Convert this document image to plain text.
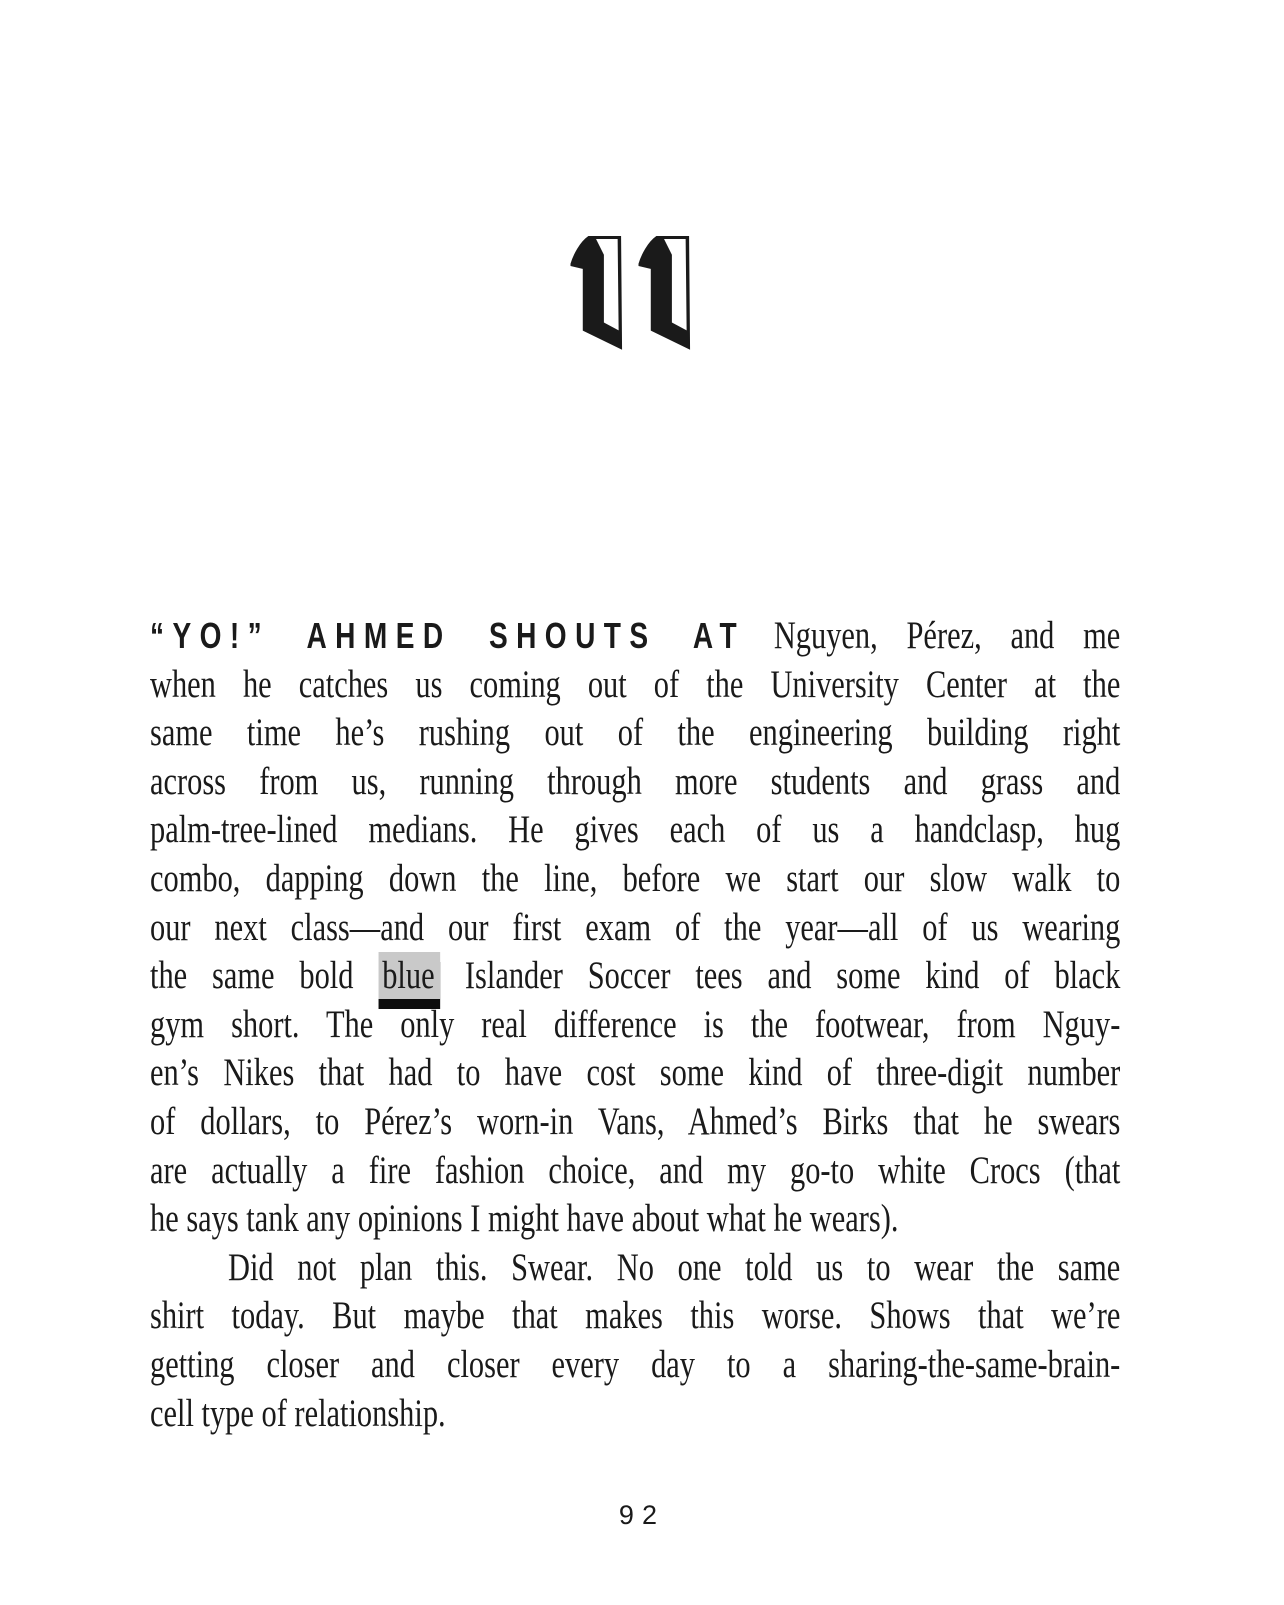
“YO!” AHMED SHOUTS AT Nguyen, Pérez, and me
when he catches us coming out of the University Center at the
same time he’s rushing out of the engineering building right
across from us, running through more students and grass and
palm-tree-lined medians. He gives each of us a handclasp, hug
combo, dapping down the line, before we start our slow walk to
our next class—and our first exam of the year—all of us wearing
the same bold blue Islander Soccer tees and some kind of black
gym short. The only real difference is the footwear, from Nguy-
en’s Nikes that had to have cost some kind of three-digit number
of dollars, to Pérez’s worn-in Vans, Ahmed’s Birks that he swears
are actually a fire fashion choice, and my go-to white Crocs (that
he says tank any opinions I might have about what he wears).
Did not plan this. Swear. No one told us to wear the same
shirt today. But maybe that makes this worse. Shows that we’re
getting closer and closer every day to a sharing-the-same-brain-
cell type of relationship.
92
